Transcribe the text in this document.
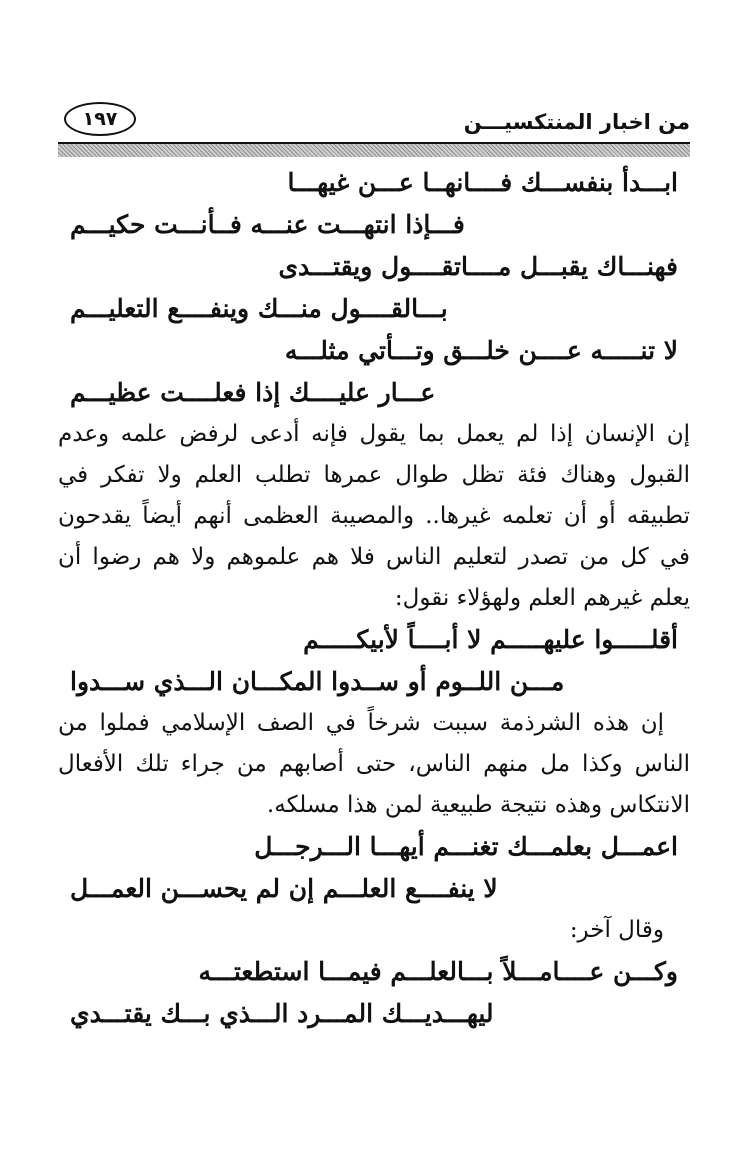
من اخبار المنتكسيـــن
١٩٧
ابـــدأ بنفســـك فــــانهــا عـــن غيهـــا
فـــإذا انتهـــت عنـــه فــأنـــت حكيـــم
فهنـــاك يقبـــل مــــاتقــــول ويقتـــدى
بـــالقــــول منـــك وينفــــع التعليـــم
لا تنـــــه عــــن خلـــق وتـــأتي مثلـــه
عـــار عليــــك إذا فعلــــت عظيـــم
إن الإنسان إذا لم يعمل بما يقول فإنه أدعى لرفض علمه وعدم
القبول وهناك فئة تظل طوال عمرها تطلب العلم ولا تفكر في
تطبيقه أو أن تعلمه غيرها.. والمصيبة العظمى أنهم أيضاً يقدحون
في كل من تصدر لتعليم الناس فلا هم علموهم ولا هم رضوا أن
يعلم غيرهم العلم ولهؤلاء نقول:
أقلـــــوا عليهـــــم لا أبــــاً لأبيكـــــم
مـــن اللــوم أو ســدوا المكـــان الـــذي ســـدوا
إن هذه الشرذمة سببت شرخاً في الصف الإسلامي فملوا من
الناس وكذا مل منهم الناس، حتى أصابهم من جراء تلك الأفعال
الانتكاس وهذه نتيجة طبيعية لمن هذا مسلكه.
اعمـــل بعلمـــك تغنـــم أيهـــا الـــرجـــل
لا ينفــــع العلـــم إن لم يحســـن العمـــل
وقال آخر:
وكـــن عــــامـــلاً بـــالعلـــم فيمـــا استطعتـــه
ليهـــديـــك المـــرد الـــذي بـــك يقتـــدي
